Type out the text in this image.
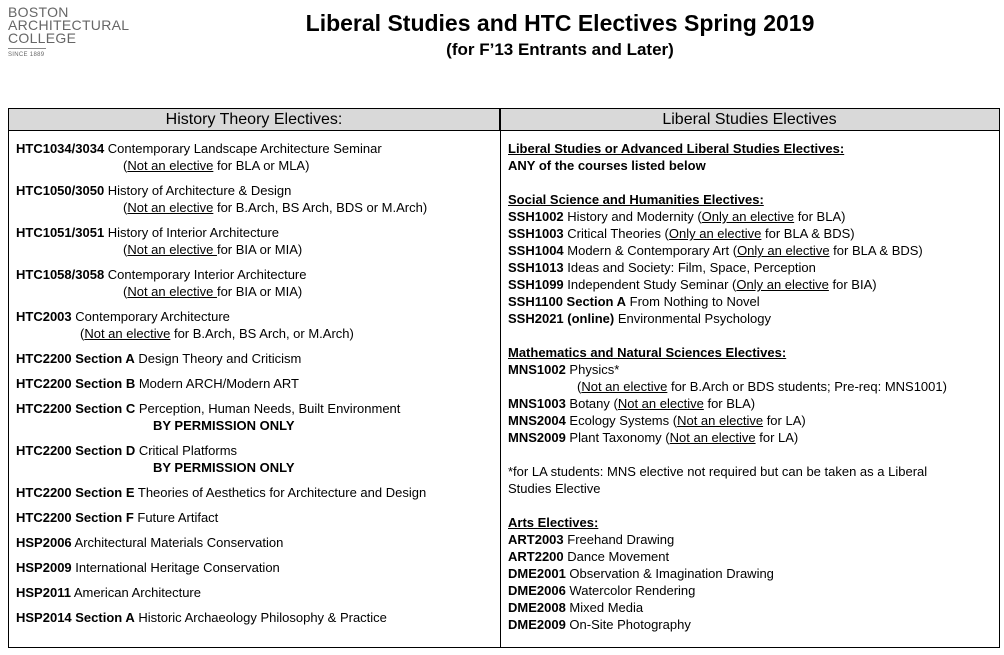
BOSTON
ARCHITECTURAL
COLLEGE
SINCE 1889
Liberal Studies and HTC Electives Spring 2019
(for F’13 Entrants and Later)
History Theory Electives:	Liberal Studies Electives
HTC1034/3034 Contemporary Landscape Architecture Seminar
(Not an elective for BLA or MLA)
HTC1050/3050 History of Architecture & Design
(Not an elective for B.Arch, BS Arch, BDS or M.Arch)
HTC1051/3051 History of Interior Architecture
(Not an elective for BIA or MIA)
HTC1058/3058 Contemporary Interior Architecture
(Not an elective for BIA or MIA)
HTC2003 Contemporary Architecture
(Not an elective for B.Arch, BS Arch, or M.Arch)
HTC2200 Section A Design Theory and Criticism
HTC2200 Section B Modern ARCH/Modern ART
HTC2200 Section C Perception, Human Needs, Built Environment
BY PERMISSION ONLY
HTC2200 Section D Critical Platforms
BY PERMISSION ONLY
HTC2200 Section E Theories of Aesthetics for Architecture and Design
HTC2200 Section F Future Artifact
HSP2006 Architectural Materials Conservation
HSP2009 International Heritage Conservation
HSP2011 American Architecture
HSP2014 Section A Historic Archaeology Philosophy & Practice
Liberal Studies or Advanced Liberal Studies Electives:
ANY of the courses listed below
Social Science and Humanities Electives:
SSH1002 History and Modernity (Only an elective for BLA)
SSH1003 Critical Theories (Only an elective for BLA & BDS)
SSH1004 Modern & Contemporary Art (Only an elective for BLA & BDS)
SSH1013 Ideas and Society: Film, Space, Perception
SSH1099 Independent Study Seminar (Only an elective for BIA)
SSH1100 Section A From Nothing to Novel
SSH2021 (online) Environmental Psychology
Mathematics and Natural Sciences Electives:
MNS1002 Physics*
(Not an elective for B.Arch or BDS students; Pre-req: MNS1001)
MNS1003 Botany (Not an elective for BLA)
MNS2004 Ecology Systems (Not an elective for LA)
MNS2009 Plant Taxonomy (Not an elective for LA)
*for LA students: MNS elective not required but can be taken as a Liberal
Studies Elective
Arts Electives:
ART2003 Freehand Drawing
ART2200 Dance Movement
DME2001 Observation & Imagination Drawing
DME2006 Watercolor Rendering
DME2008 Mixed Media
DME2009 On-Site Photography
